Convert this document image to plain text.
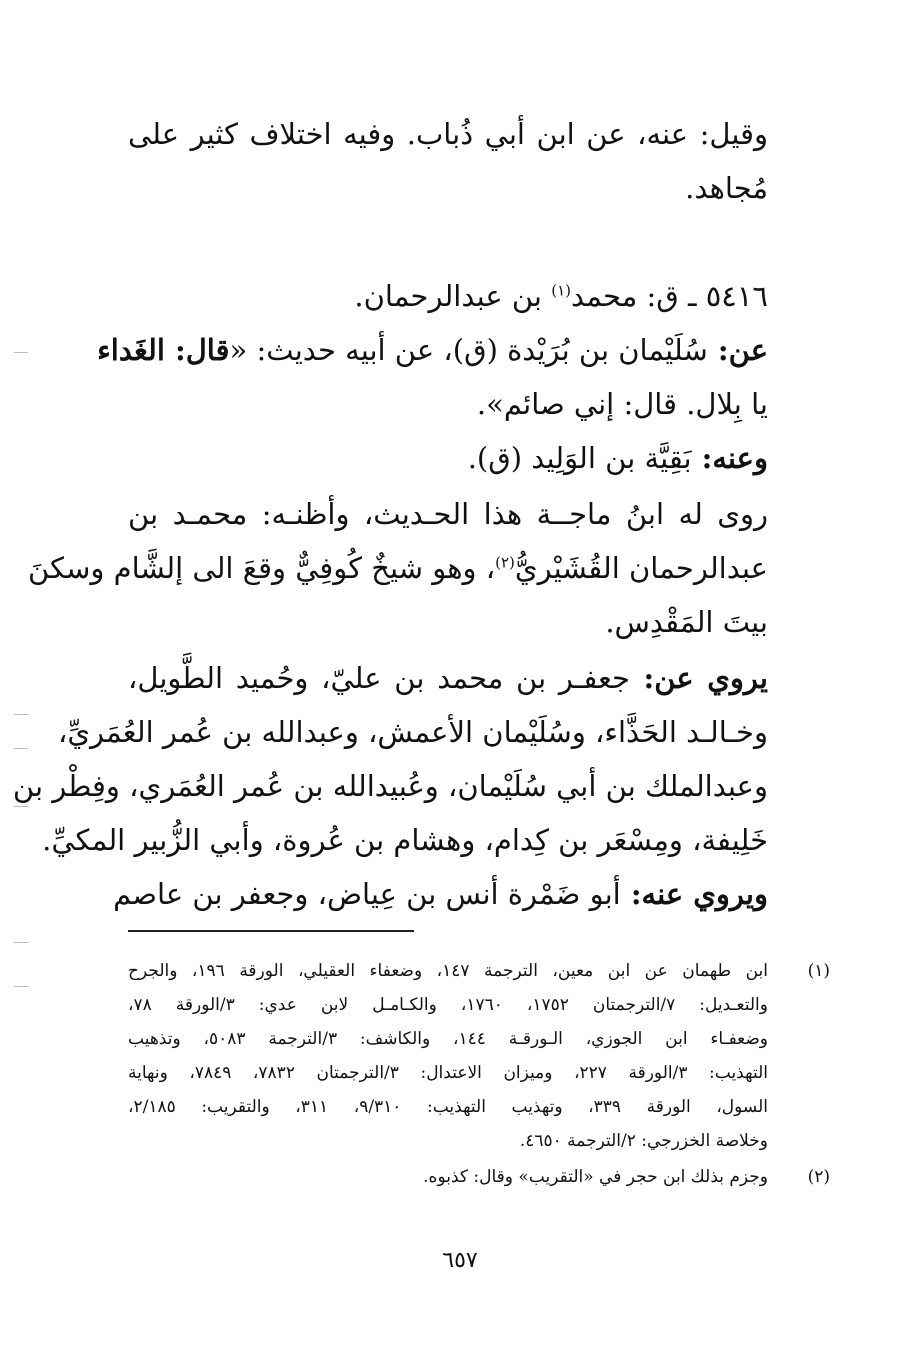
وقيل: عنه، عن ابن أبي ذُباب. وفيه اختلاف كثير على
مُجاهد.
٥٤١٦ ـ ق: محمد$^{(١)}$ بن عبدالرحمان.
عن: سُلَيْمان بن بُرَيْدة (ق)، عن أبيه حديث: «قال: الغَداء
يا بِلال. قال: إني صائم».
وعنه: بَقِيَّة بن الوَلِيد (ق).
روى له ابنُ ماجــة هذا الحـديث، وأظنـه: محمـد بن
عبدالرحمان القُشَيْريُّ$^{(٢)}$، وهو شيخٌ كُوفِيٌّ وقعَ الى إلشَّام وسكنَ
بيتَ المَقْدِس.
يروي عن: جعفـر بن محمد بن عليّ، وحُميد الطَّويل،
وخـالـد الحَذَّاء، وسُلَيْمان الأعمش، وعبدالله بن عُمر العُمَريِّ،
وعبدالملك بن أبي سُلَيْمان، وعُبيدالله بن عُمر العُمَري، وفِطْر بن
خَلِيفة، ومِسْعَر بن كِدام، وهشام بن عُروة، وأبي الزُّبير المكيِّ.
ويروي عنه: أبو ضَمْرة أنس بن عِياض، وجعفر بن عاصم
(١)
ابن طهمان عن ابن معين، الترجمة ١٤٧، وضعفاء العقيلي، الورقة ١٩٦، والجرح
والتعـديل: ٧/الترجمتان ١٧٥٢، ١٧٦٠، والكـامـل لابن عدي: ٣/الورقة ٧٨،
وضعفـاء ابن الجوزي، الـورقـة ١٤٤، والكاشف: ٣/الترجمة ٥٠٨٣، وتذهيب
التهذيب: ٣/الورقة ٢٢٧، وميزان الاعتدال: ٣/الترجمتان ٧٨٣٢، ٧٨٤٩، ونهاية
السول، الورقة ٣٣٩، وتهذيب التهذيب: ٩/٣١٠، ٣١١، والتقريب: ٢/١٨٥،
وخلاصة الخزرجي: ٢/الترجمة ٤٦٥٠.
(٢)
وجزم بذلك ابن حجر في «التقريب» وقال: كذبوه.
٦٥٧
